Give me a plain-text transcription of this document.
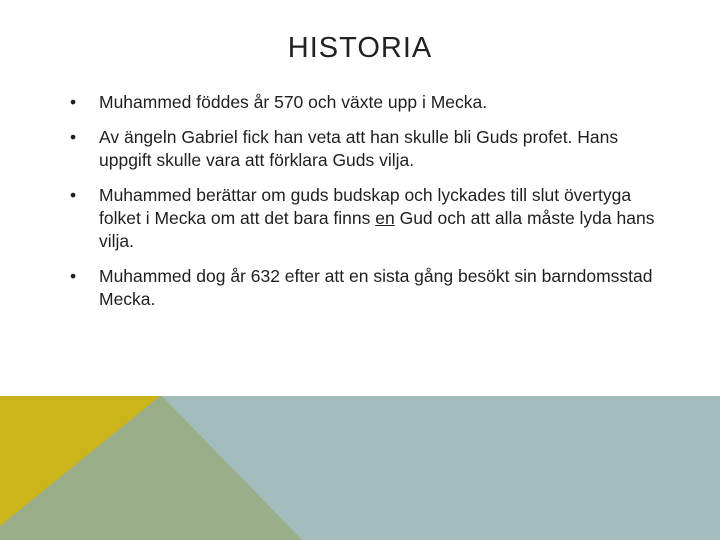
HISTORIA
•	Muhammed föddes år 570 och växte upp i Mecka.
•	Av ängeln Gabriel fick han veta att han skulle bli Guds profet. Hans uppgift skulle vara att förklara Guds vilja.
•	Muhammed berättar om guds budskap och lyckades till slut övertyga folket i Mecka om att det bara finns en Gud och att alla måste lyda hans vilja.
•	Muhammed dog år 632 efter att en sista gång besökt sin barndomsstad Mecka.
